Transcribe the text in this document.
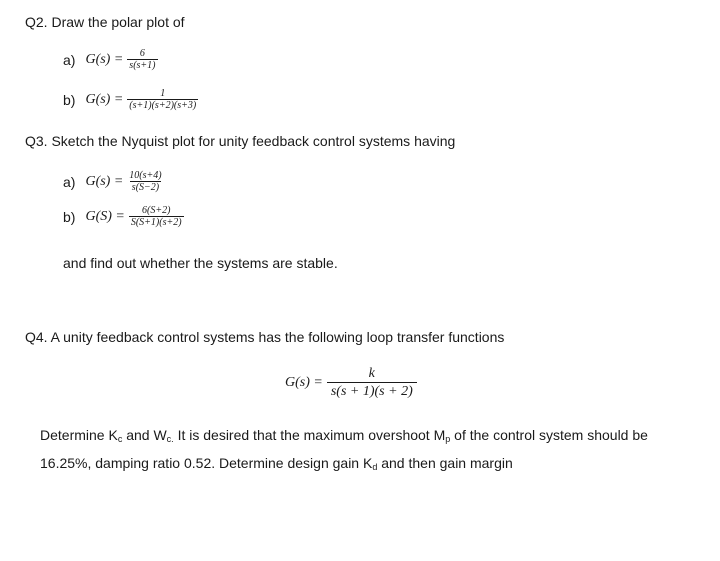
Q2. Draw the polar plot of
a) $G(s) = \frac{6}{s(s+1)}$
b) $G(s) = \frac{1}{(s+1)(s+2)(s+3)}$
Q3. Sketch the Nyquist plot for unity feedback control systems having
a) $G(s) = \frac{10(s+4)}{s(S-2)}$
b) $G(S) = \frac{6(S+2)}{S(S+1)(s+2)}$
and find out whether the systems are stable.
Q4. A unity feedback control systems has the following loop transfer functions
$G(s) = \frac{k}{s(s + 1)(s + 2)}$
Determine $K_c$ and $W_{c.}$ It is desired that the maximum overshoot $M_p$ of the control system should be 16.25%, damping ratio 0.52. Determine design gain $K_d$ and then gain margin
